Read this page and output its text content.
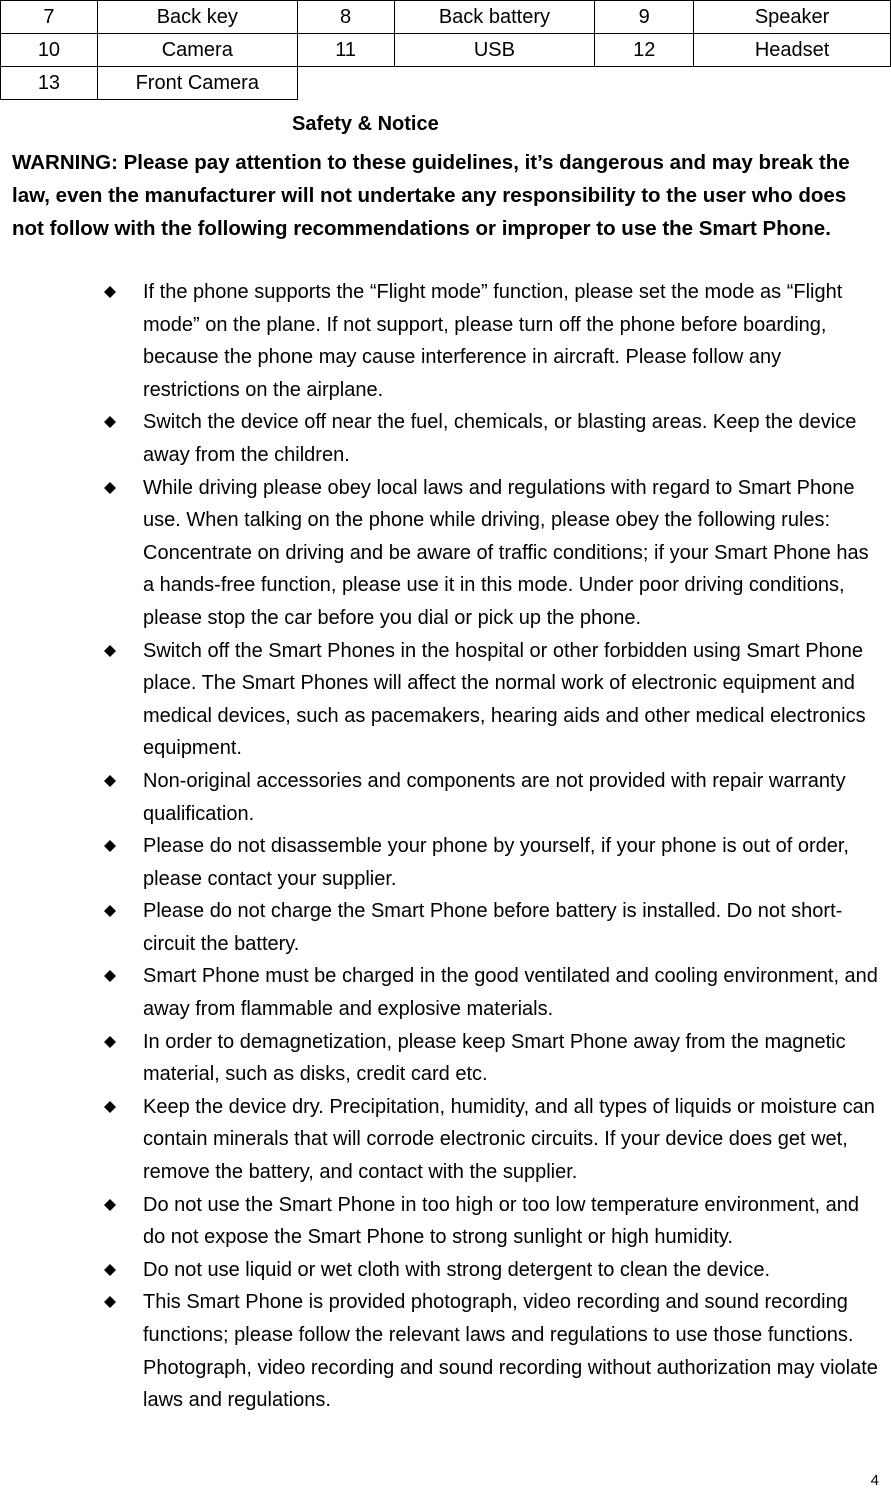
7	Back key	8	Back battery	9	Speaker
10	Camera	11	USB	12	Headset
13	Front Camera				
Safety & Notice
WARNING: Please pay attention to these guidelines, it’s dangerous and may break the law, even the manufacturer will not undertake any responsibility to the user who does not follow with the following recommendations or improper to use the Smart Phone.
If the phone supports the “Flight mode” function, please set the mode as “Flight mode” on the plane. If not support, please turn off the phone before boarding, because the phone may cause interference in aircraft. Please follow any restrictions on the airplane.
Switch the device off near the fuel, chemicals, or blasting areas. Keep the device away from the children.
While driving please obey local laws and regulations with regard to Smart Phone use. When talking on the phone while driving, please obey the following rules: Concentrate on driving and be aware of traffic conditions; if your Smart Phone has a hands-free function, please use it in this mode. Under poor driving conditions, please stop the car before you dial or pick up the phone.
Switch off the Smart Phones in the hospital or other forbidden using Smart Phone place. The Smart Phones will affect the normal work of electronic equipment and medical devices, such as pacemakers, hearing aids and other medical electronics equipment.
Non-original accessories and components are not provided with repair warranty qualification.
Please do not disassemble your phone by yourself, if your phone is out of order, please contact your supplier.
Please do not charge the Smart Phone before battery is installed. Do not short-circuit the battery.
Smart Phone must be charged in the good ventilated and cooling environment, and away from flammable and explosive materials.
In order to demagnetization, please keep Smart Phone away from the magnetic material, such as disks, credit card etc.
Keep the device dry. Precipitation, humidity, and all types of liquids or moisture can contain minerals that will corrode electronic circuits. If your device does get wet, remove the battery, and contact with the supplier.
Do not use the Smart Phone in too high or too low temperature environment, and do not expose the Smart Phone to strong sunlight or high humidity.
Do not use liquid or wet cloth with strong detergent to clean the device.
This Smart Phone is provided photograph, video recording and sound recording functions; please follow the relevant laws and regulations to use those functions. Photograph, video recording and sound recording without authorization may violate laws and regulations.
4
